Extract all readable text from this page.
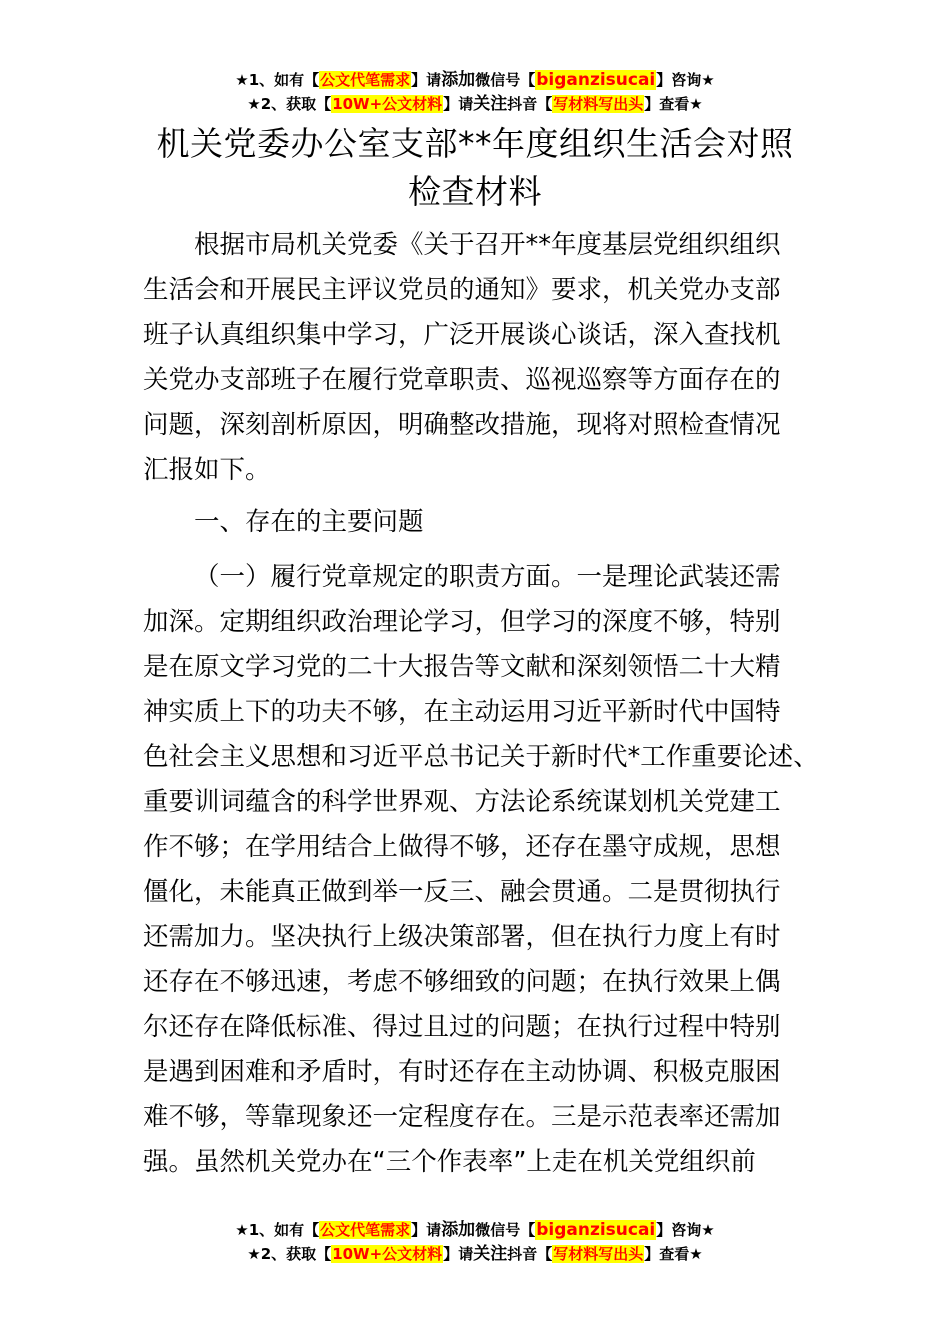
★1、如有【公文代笔需求】请添加微信号【biganzisucai】咨询★
★2、获取【10W+公文材料】请关注抖音【写材料写出头】查看★
机关党委办公室支部**年度组织生活会对照
检查材料
根据市局机关党委《关于召开**年度基层党组织组织
生活会和开展民主评议党员的通知》要求，机关党办支部
班子认真组织集中学习，广泛开展谈心谈话，深入查找机
关党办支部班子在履行党章职责、巡视巡察等方面存在的
问题，深刻剖析原因，明确整改措施，现将对照检查情况
汇报如下。
一、存在的主要问题
（一）履行党章规定的职责方面。一是理论武装还需
加深。定期组织政治理论学习，但学习的深度不够，特别
是在原文学习党的二十大报告等文献和深刻领悟二十大精
神实质上下的功夫不够，在主动运用习近平新时代中国特
色社会主义思想和习近平总书记关于新时代*工作重要论述、
重要训词蕴含的科学世界观、方法论系统谋划机关党建工
作不够；在学用结合上做得不够，还存在墨守成规，思想
僵化，未能真正做到举一反三、融会贯通。二是贯彻执行
还需加力。坚决执行上级决策部署，但在执行力度上有时
还存在不够迅速，考虑不够细致的问题；在执行效果上偶
尔还存在降低标准、得过且过的问题；在执行过程中特别
是遇到困难和矛盾时，有时还存在主动协调、积极克服困
难不够，等靠现象还一定程度存在。三是示范表率还需加
强。虽然机关党办在“三个作表率”上走在机关党组织前
★1、如有【公文代笔需求】请添加微信号【biganzisucai】咨询★
★2、获取【10W+公文材料】请关注抖音【写材料写出头】查看★
